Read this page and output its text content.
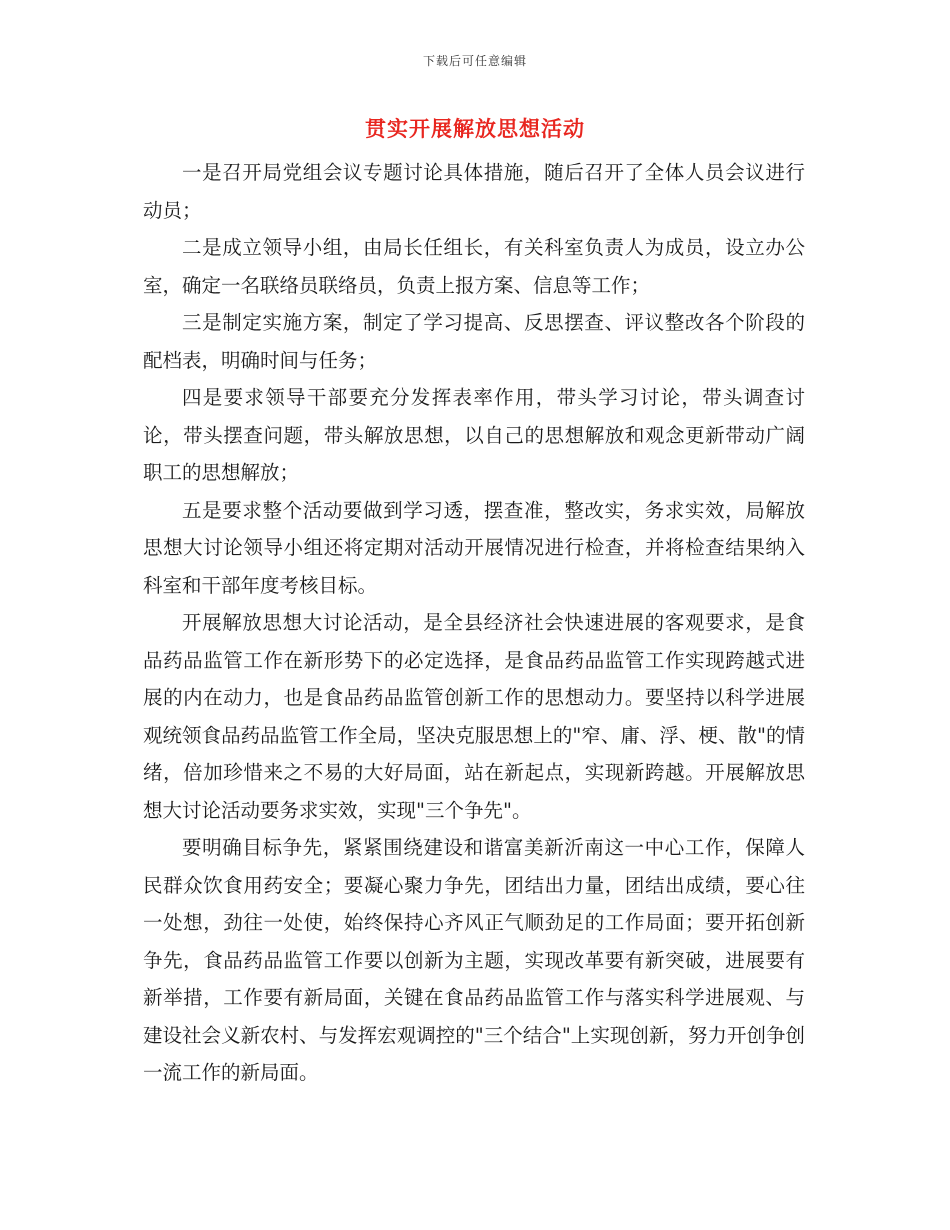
下载后可任意编辑
贯实开展解放思想活动

一是召开局党组会议专题讨论具体措施，随后召开了全体人员会议进行动员；

二是成立领导小组，由局长任组长，有关科室负责人为成员，设立办公室，确定一名联络员联络员，负责上报方案、信息等工作；

三是制定实施方案，制定了学习提高、反思摆查、评议整改各个阶段的配档表，明确时间与任务；

四是要求领导干部要充分发挥表率作用，带头学习讨论，带头调查讨论，带头摆查问题，带头解放思想，以自己的思想解放和观念更新带动广阔职工的思想解放；

五是要求整个活动要做到学习透，摆查准，整改实，务求实效，局解放思想大讨论领导小组还将定期对活动开展情况进行检查，并将检查结果纳入科室和干部年度考核目标。

开展解放思想大讨论活动，是全县经济社会快速进展的客观要求，是食品药品监管工作在新形势下的必定选择，是食品药品监管工作实现跨越式进展的内在动力，也是食品药品监管创新工作的思想动力。要坚持以科学进展观统领食品药品监管工作全局，坚决克服思想上的"窄、庸、浮、梗、散"的情绪，倍加珍惜来之不易的大好局面，站在新起点，实现新跨越。开展解放思想大讨论活动要务求实效，实现"三个争先"。

要明确目标争先，紧紧围绕建设和谐富美新沂南这一中心工作，保障人民群众饮食用药安全；要凝心聚力争先，团结出力量，团结出成绩，要心往一处想，劲往一处使，始终保持心齐风正气顺劲足的工作局面；要开拓创新争先，食品药品监管工作要以创新为主题，实现改革要有新突破，进展要有新举措，工作要有新局面，关键在食品药品监管工作与落实科学进展观、与建设社会义新农村、与发挥宏观调控的"三个结合"上实现创新，努力开创争创一流工作的新局面。
